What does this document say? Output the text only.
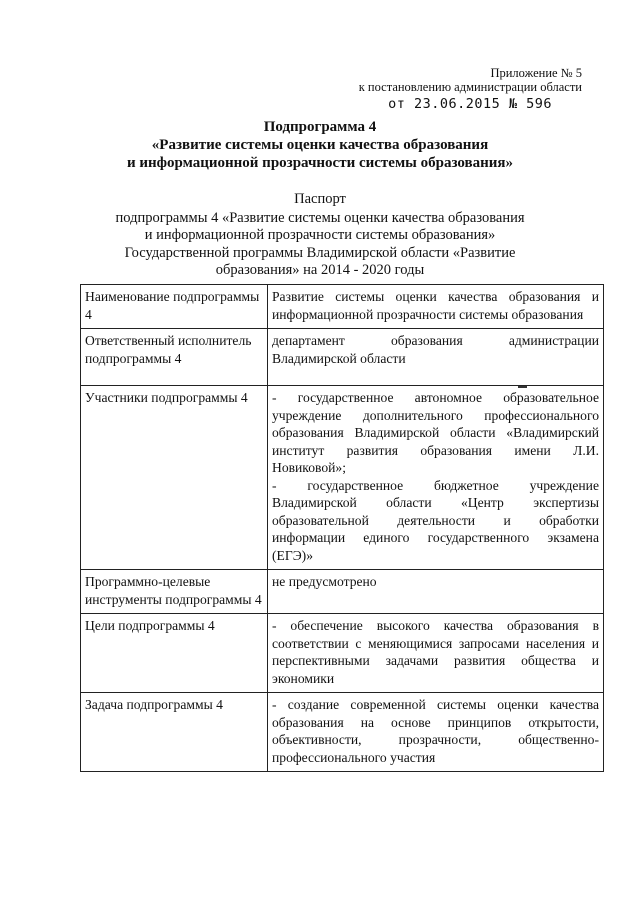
Приложение № 5
к постановлению администрации области
от 23.06.2015 № 596
Подпрограмма 4
«Развитие системы оценки качества образования
и информационной прозрачности системы образования»
Паспорт
подпрограммы 4 «Развитие системы оценки качества образования
и информационной прозрачности системы образования»
Государственной программы Владимирской области «Развитие
образования» на 2014 - 2020 годы
Наименование подпрограммы 4	Развитие системы оценки качества образования и информационной прозрачности системы образования

Ответственный исполнитель подпрограммы 4	департамент образования администрации Владимирской области

Участники подпрограммы 4	- государственное автономное образовательное учреждение дополнительного профессионального образования Владимирской области «Владимирский институт развития образования имени Л.И. Новиковой»;
- государственное бюджетное учреждение Владимирской области «Центр экспертизы образовательной деятельности и обработки информации единого государственного экзамена (ЕГЭ)»

Программно-целевые инструменты подпрограммы 4	не предусмотрено

Цели подпрограммы 4	- обеспечение высокого качества образования в соответствии с меняющимися запросами населения и перспективными задачами развития общества и экономики

Задача подпрограммы 4	- создание современной системы оценки качества образования на основе принципов открытости, объективности, прозрачности, общественно-профессионального участия
